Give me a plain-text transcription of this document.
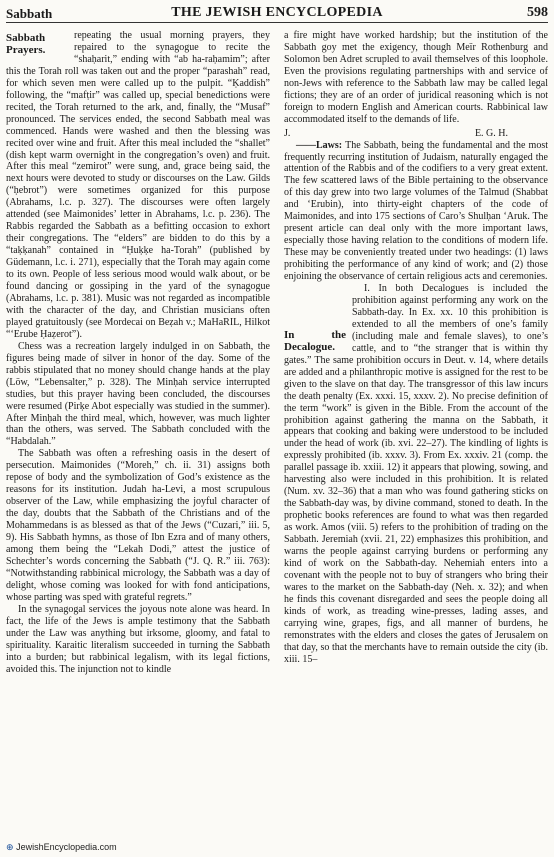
Sabbath	THE JEWISH ENCYCLOPEDIA	598

Sabbath Prayers.
repeating the usual morning prayers, they repaired to the synagogue to recite the “shaḥarit,” ending with “ab ha-raḥamim”; after this the Torah roll was taken out and the proper “parashah” read, for which seven men were called up to the pulpit. “Ḳaddish” following, the “mafṭir” was called up, special benedictions were recited, the Torah returned to the ark, and, finally, the “Musaf” pronounced. The services ended, the second Sabbath meal was commenced. Hands were washed and then the blessing was recited over wine and fruit. After this meal included the “shallet” (dish kept warm overnight in the congregation’s oven) and fruit. After this meal “zemirot” were sung, and, grace being said, the next hours were devoted to study or discourses on the Law. Gilds (“ḥebrot”) were sometimes organized for this purpose (Abrahams, l.c. p. 327). The discourses were often largely attended (see Maimonides’ letter in Abrahams, l.c. p. 236). The Rabbis regarded the Sabbath as a befitting occasion to exhort their congregations. The “elders” are bidden to do this by a “taḳḳanah” contained in “Ḥuḳḳe ha-Torah” (published by Güdemann, l.c. i. 271), especially that the Torah may again come to its own. People of less serious mood would walk about, or be found dancing or gossiping in the yard of the synagogue (Abrahams, l.c. p. 381). Music was not regarded as incompatible with the character of the day, and Christian musicians often played gratuitously (see Mordecai on Beẓah v.; MaHaRIL, Hilkot “‘Erube Ḥaẓerot”).

Chess was a recreation largely indulged in on Sabbath, the figures being made of silver in honor of the day. Some of the rabbis stipulated that no money should change hands at the play (Löw, “Lebensalter,” p. 328). The Minḥah service interrupted studies, but this prayer having been concluded, the discourses were resumed (Pirḳe Abot especially was studied in the summer). After Minḥah the third meal, which, however, was much lighter than the others, was served. The Sabbath concluded with the “Habdalah.”

The Sabbath was often a refreshing oasis in the desert of persecution. Maimonides (“Moreh,” ch. ii. 31) assigns both repose of body and the symbolization of God’s existence as the reasons for its institution. Judah ha-Levi, a most scrupulous observer of the Law, while emphasizing the joyful character of the day, doubts that the Sabbath of the Christians and of the Mohammedans is as blessed as that of the Jews (“Cuzari,” iii. 5, 9). His Sabbath hymns, as those of Ibn Ezra and of many others, among them being the “Lekah Dodi,” attest the justice of Schechter’s words concerning the Sabbath (“J. Q. R.” iii. 763): “Notwithstanding rabbinical micrology, the Sabbath was a day of delight, whose coming was looked for with fond anticipations, whose parting was sped with grateful regrets.”

In the synagogal services the joyous note alone was heard. In fact, the life of the Jews is ample testimony that the Sabbath under the Law was anything but irksome, gloomy, and fatal to spirituality. Karaitic literalism succeeded in turning the Sabbath into a burden; but rabbinical legalism, with its legal fictions, avoided this. The injunction not to kindle

a fire might have worked hardship; but the institution of the Sabbath goy met the exigency, though Meïr Rothenburg and Solomon ben Adret scrupled to avail themselves of this loophole. Even the provisions regulating partnerships with and service of non-Jews with reference to the Sabbath law may be called legal fictions; they are of an order of juridical reasoning which is not foreign to modern English and American courts. Rabbinical law accommodated itself to the demands of life.

J.	E. G. H.

——Laws: The Sabbath, being the fundamental and the most frequently recurring institution of Judaism, naturally engaged the attention of the Rabbis and of the codifiers to a very great extent. The few scattered laws of the Bible pertaining to the observance of this day grew into two large volumes of the Talmud (Shabbat and ‘Erubin), into thirty-eight chapters of the code of Maimonides, and into 175 sections of Caro’s Shulḥan ‘Aruk. The present article can deal only with the more important laws, especially those having relation to the conditions of modern life. These may be conveniently treated under two headings: (1) laws prohibiting the performance of any kind of work; and (2) those enjoining the observance of certain religious acts and ceremonies.

In the Decalogue.
I. In both Decalogues is included the prohibition against performing any work on the Sabbath-day. In Ex. xx. 10 this prohibition is extended to all the members of one’s family (including male and female slaves), to one’s cattle, and to “the stranger that is within thy gates.” The same prohibition occurs in Deut. v. 14, where details are added and a philanthropic motive is assigned for the rest to be given to the slave on that day. The transgressor of this law incurs the death penalty (Ex. xxxi. 15, xxxv. 2). No precise definition of the term “work” is given in the Bible. From the account of the prohibition against gathering the manna on the Sabbath, it appears that cooking and baking were understood to be included under the head of work (ib. xvi. 22–27). The kindling of lights is expressly prohibited (ib. xxxv. 3). From Ex. xxxiv. 21 (comp. the parallel passage ib. xxiii. 12) it appears that plowing, sowing, and harvesting also were included in this prohibition. It is related (Num. xv. 32–36) that a man who was found gathering sticks on the Sabbath-day was, by divine command, stoned to death. In the prophetic books references are found to what was then regarded as work. Amos (viii. 5) refers to the prohibition of trading on the Sabbath. Jeremiah (xvii. 21, 22) emphasizes this prohibition, and warns the people against carrying burdens or performing any kind of work on the Sabbath-day. Nehemiah enters into a covenant with the people not to buy of strangers who bring their wares to the market on the Sabbath-day (Neh. x. 32); and when he finds this covenant disregarded and sees the people doing all kinds of work, as treading wine-presses, lading asses, and carrying wine, grapes, figs, and all manner of burdens, he remonstrates with the elders and closes the gates of Jerusalem on that day, so that the merchants have to remain outside the city (ib. xiii. 15–

⊕ JewishEncyclopedia.com
